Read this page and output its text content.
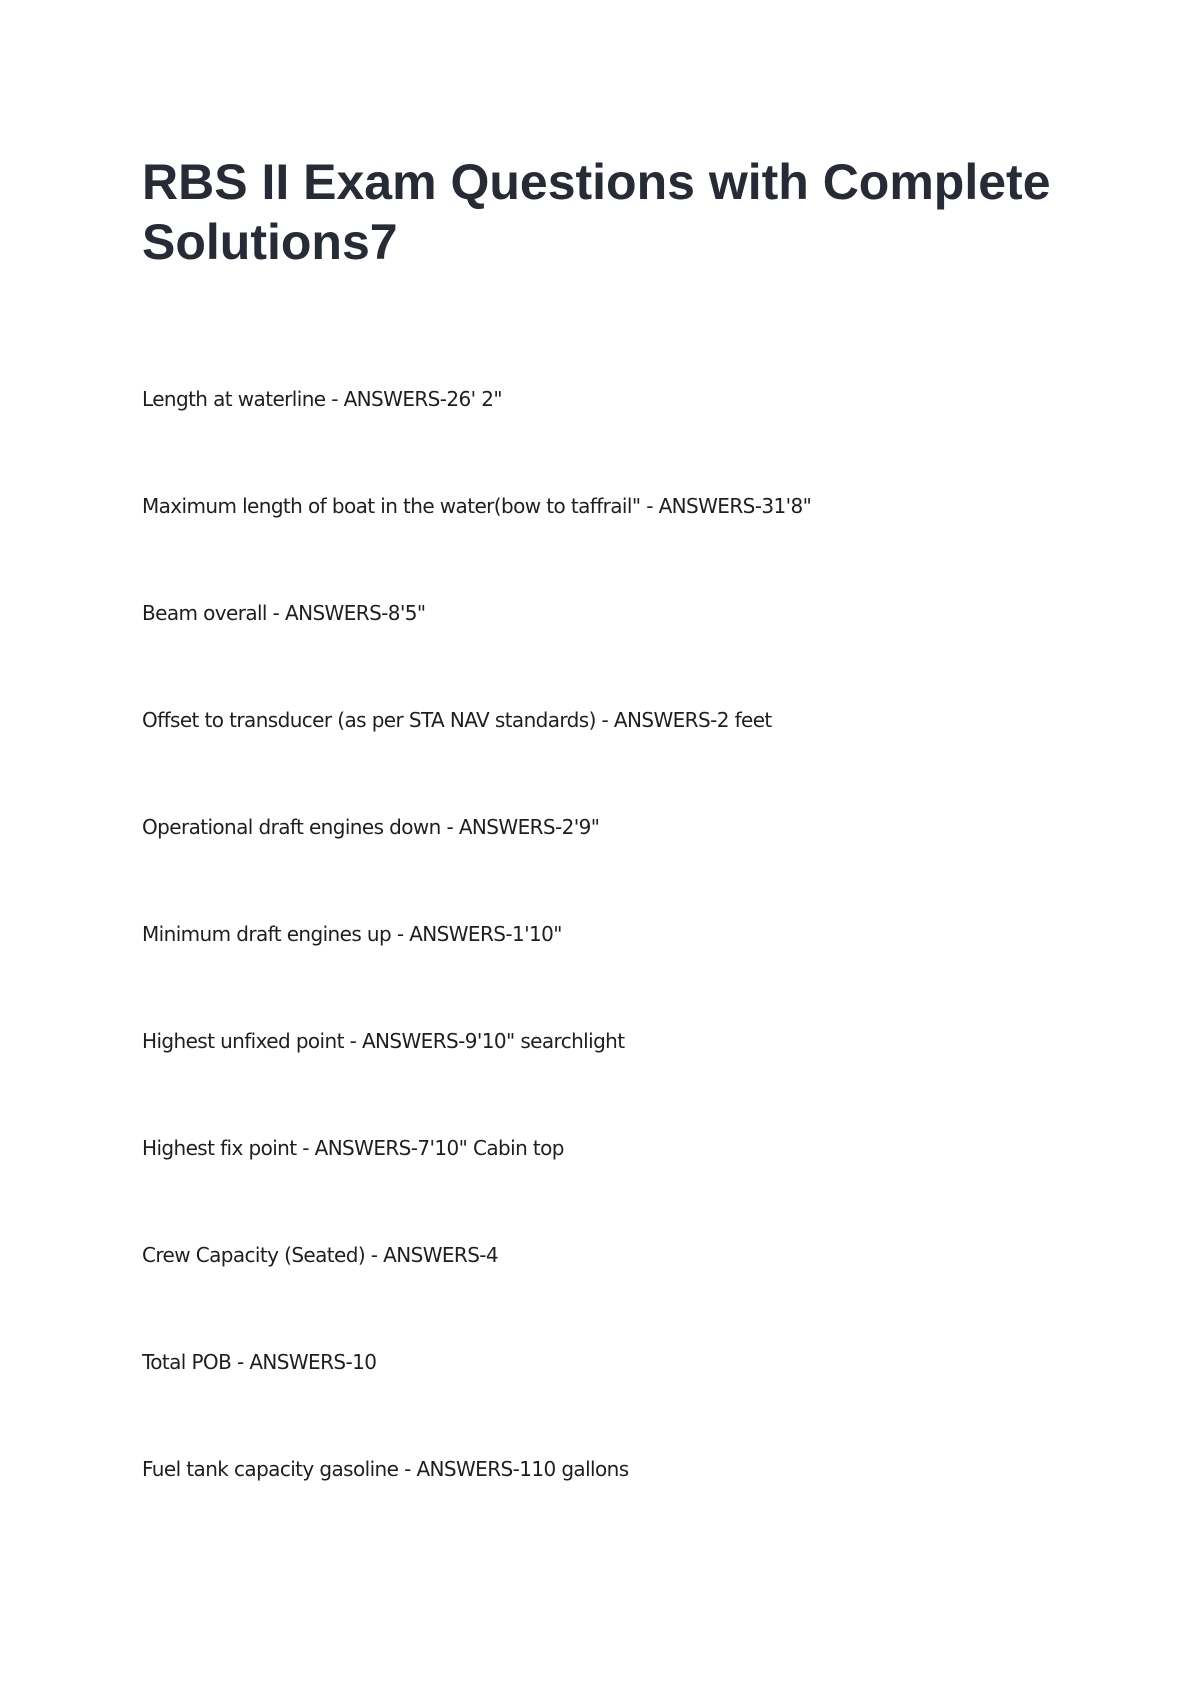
RBS II Exam Questions with Complete Solutions7
Length at waterline - ANSWERS-26' 2"
Maximum length of boat in the water(bow to taffrail" - ANSWERS-31'8"
Beam overall - ANSWERS-8'5"
Offset to transducer (as per STA NAV standards) - ANSWERS-2 feet
Operational draft engines down - ANSWERS-2'9"
Minimum draft engines up - ANSWERS-1'10"
Highest unfixed point - ANSWERS-9'10" searchlight
Highest fix point - ANSWERS-7'10" Cabin top
Crew Capacity (Seated) - ANSWERS-4
Total POB - ANSWERS-10
Fuel tank capacity gasoline - ANSWERS-110 gallons
